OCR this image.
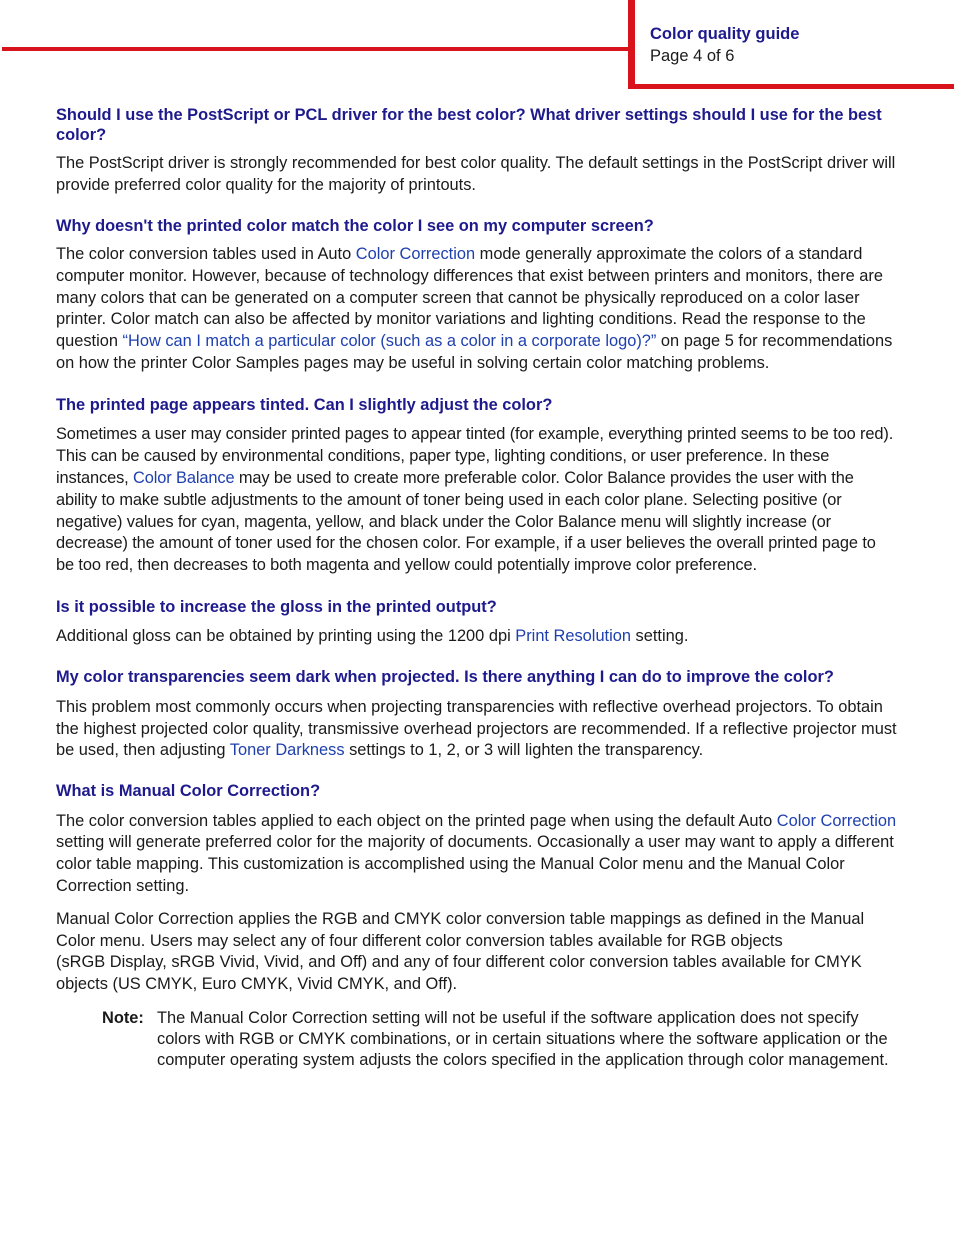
Color quality guide
Page 4 of 6
Should I use the PostScript or PCL driver for the best color? What driver settings should I use for the best color?

The PostScript driver is strongly recommended for best color quality. The default settings in the PostScript driver will provide preferred color quality for the majority of printouts.

Why doesn't the printed color match the color I see on my computer screen?

The color conversion tables used in Auto Color Correction mode generally approximate the colors of a standard computer monitor. However, because of technology differences that exist between printers and monitors, there are many colors that can be generated on a computer screen that cannot be physically reproduced on a color laser printer. Color match can also be affected by monitor variations and lighting conditions. Read the response to the question “How can I match a particular color (such as a color in a corporate logo)?” on page 5 for recommendations on how the printer Color Samples pages may be useful in solving certain color matching problems.

The printed page appears tinted. Can I slightly adjust the color?

Sometimes a user may consider printed pages to appear tinted (for example, everything printed seems to be too red). This can be caused by environmental conditions, paper type, lighting conditions, or user preference. In these instances, Color Balance may be used to create more preferable color. Color Balance provides the user with the ability to make subtle adjustments to the amount of toner being used in each color plane. Selecting positive (or negative) values for cyan, magenta, yellow, and black under the Color Balance menu will slightly increase (or decrease) the amount of toner used for the chosen color. For example, if a user believes the overall printed page to be too red, then decreases to both magenta and yellow could potentially improve color preference.

Is it possible to increase the gloss in the printed output?

Additional gloss can be obtained by printing using the 1200 dpi Print Resolution setting.

My color transparencies seem dark when projected. Is there anything I can do to improve the color?

This problem most commonly occurs when projecting transparencies with reflective overhead projectors. To obtain the highest projected color quality, transmissive overhead projectors are recommended. If a reflective projector must be used, then adjusting Toner Darkness settings to 1, 2, or 3 will lighten the transparency.

What is Manual Color Correction?

The color conversion tables applied to each object on the printed page when using the default Auto Color Correction setting will generate preferred color for the majority of documents. Occasionally a user may want to apply a different color table mapping. This customization is accomplished using the Manual Color menu and the Manual Color Correction setting.

Manual Color Correction applies the RGB and CMYK color conversion table mappings as defined in the Manual Color menu. Users may select any of four different color conversion tables available for RGB objects
(sRGB Display, sRGB Vivid, Vivid, and Off) and any of four different color conversion tables available for CMYK objects (US CMYK, Euro CMYK, Vivid CMYK, and Off).

Note: The Manual Color Correction setting will not be useful if the software application does not specify colors with RGB or CMYK combinations, or in certain situations where the software application or the computer operating system adjusts the colors specified in the application through color management.
